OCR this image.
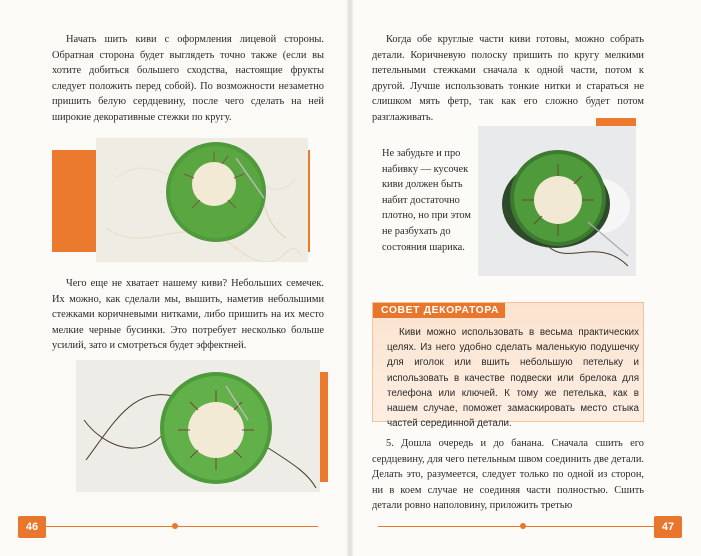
Начать шить киви с оформления лицевой стороны. Обратная сторона будет выглядеть точно также (если вы хотите добиться большего сходства, настоящие фрукты следует положить перед собой). По возможности незаметно пришить белую сердцевину, после чего сделать на ней широкие декоративные стежки по кругу.
Чего еще не хватает нашему киви? Небольших семечек. Их можно, как сделали мы, вышить, наметив небольшими стежками коричневыми нитками, либо пришить на их место мелкие черные бусинки. Это потребует несколько больше усилий, зато и смотреться будет эффектней.
46
Когда обе круглые части киви готовы, можно собрать детали. Коричневую полоску пришить по кругу мелкими петельными стежками сначала к одной части, потом к другой. Лучше использовать тонкие нитки и стараться не слишком мять фетр, так как его сложно будет потом разглаживать.
Не забудьте и про набивку — кусочек киви должен быть набит достаточно плотно, но при этом не разбухать до состояния шарика.
СОВЕТ ДЕКОРАТОРА
Киви можно использовать в весьма практических целях. Из него удобно сделать маленькую подушечку для иголок или вшить небольшую петельку и использовать в качестве подвески или брелока для телефона или ключей. К тому же петелька, как в нашем случае, поможет замаскировать место стыка частей серединной детали.
5. Дошла очередь и до банана. Сначала сшить его сердцевину, для чего петельным швом соединить две детали. Делать это, разумеется, следует только по одной из сторон, ни в коем случае не соединяя части полностью. Сшить детали ровно наполовину, приложить третью
47
